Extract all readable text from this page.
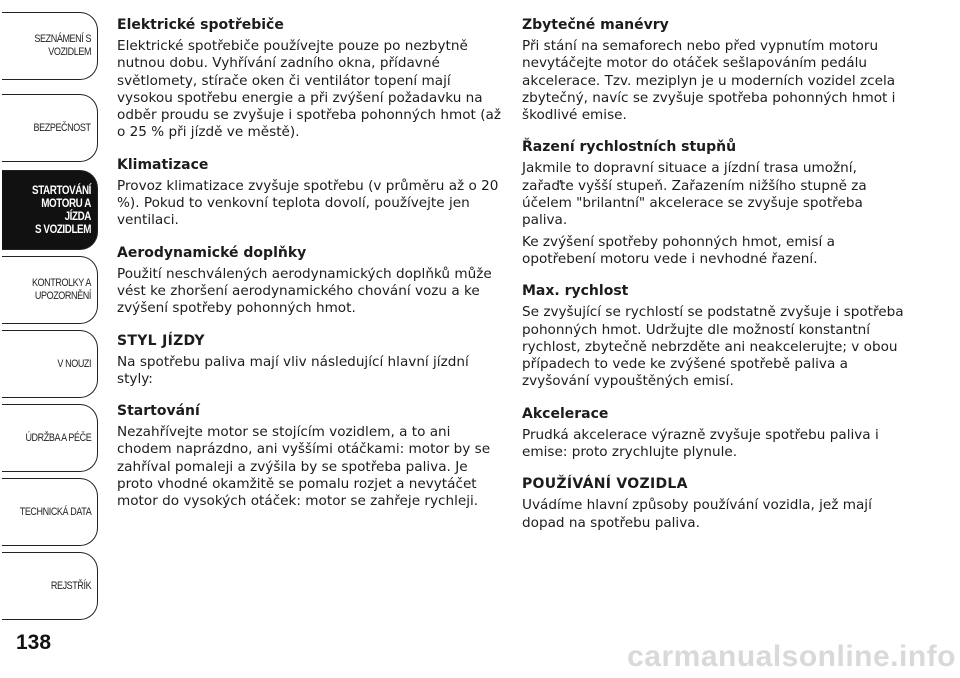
SEZNÁMENÍ S
VOZIDLEM
BEZPEČNOST
STARTOVÁNÍ
MOTORU A JÍZDA
S VOZIDLEM
KONTROLKY A
UPOZORNĚNÍ
V NOUZI
ÚDRŽBA A PÉČE
TECHNICKÁ DATA
REJSTŘÍK
138
Elektrické spotřebiče

Elektrické spotřebiče používejte pouze po nezbytně nutnou dobu. Vyhřívání zadního okna, přídavné světlomety, stírače oken či ventilátor topení mají vysokou spotřebu energie a při zvýšení požadavku na odběr proudu se zvyšuje i spotřeba pohonných hmot (až o 25 % při jízdě ve městě).

Klimatizace

Provoz klimatizace zvyšuje spotřebu (v průměru až o 20 %). Pokud to venkovní teplota dovolí, používejte jen ventilaci.

Aerodynamické doplňky

Použití neschválených aerodynamických doplňků může vést ke zhoršení aerodynamického chování vozu a ke zvýšení spotřeby pohonných hmot.

STYL JÍZDY

Na spotřebu paliva mají vliv následující hlavní jízdní styly:

Startování

Nezahřívejte motor se stojícím vozidlem, a to ani chodem naprázdno, ani vyššími otáčkami: motor by se zahříval pomaleji a zvýšila by se spotřeba paliva. Je proto vhodné okamžitě se pomalu rozjet a nevytáčet motor do vysokých otáček: motor se zahřeje rychleji.

Zbytečné manévry

Při stání na semaforech nebo před vypnutím motoru nevytáčejte motor do otáček sešlapováním pedálu akcelerace. Tzv. meziplyn je u moderních vozidel zcela zbytečný, navíc se zvyšuje spotřeba pohonných hmot i škodlivé emise.

Řazení rychlostních stupňů

Jakmile to dopravní situace a jízdní trasa umožní, zařaďte vyšší stupeň. Zařazením nižšího stupně za účelem "brilantní" akcelerace se zvyšuje spotřeba paliva.

Ke zvýšení spotřeby pohonných hmot, emisí a opotřebení motoru vede i nevhodné řazení.

Max. rychlost

Se zvyšující se rychlostí se podstatně zvyšuje i spotřeba pohonných hmot. Udržujte dle možností konstantní rychlost, zbytečně nebrzděte ani neakcelerujte; v obou případech to vede ke zvýšené spotřebě paliva a zvyšování vypouštěných emisí.

Akcelerace

Prudká akcelerace výrazně zvyšuje spotřebu paliva i emise: proto zrychlujte plynule.

POUŽÍVÁNÍ VOZIDLA

Uvádíme hlavní způsoby používání vozidla, jež mají dopad na spotřebu paliva.

carmanualsonline.info
